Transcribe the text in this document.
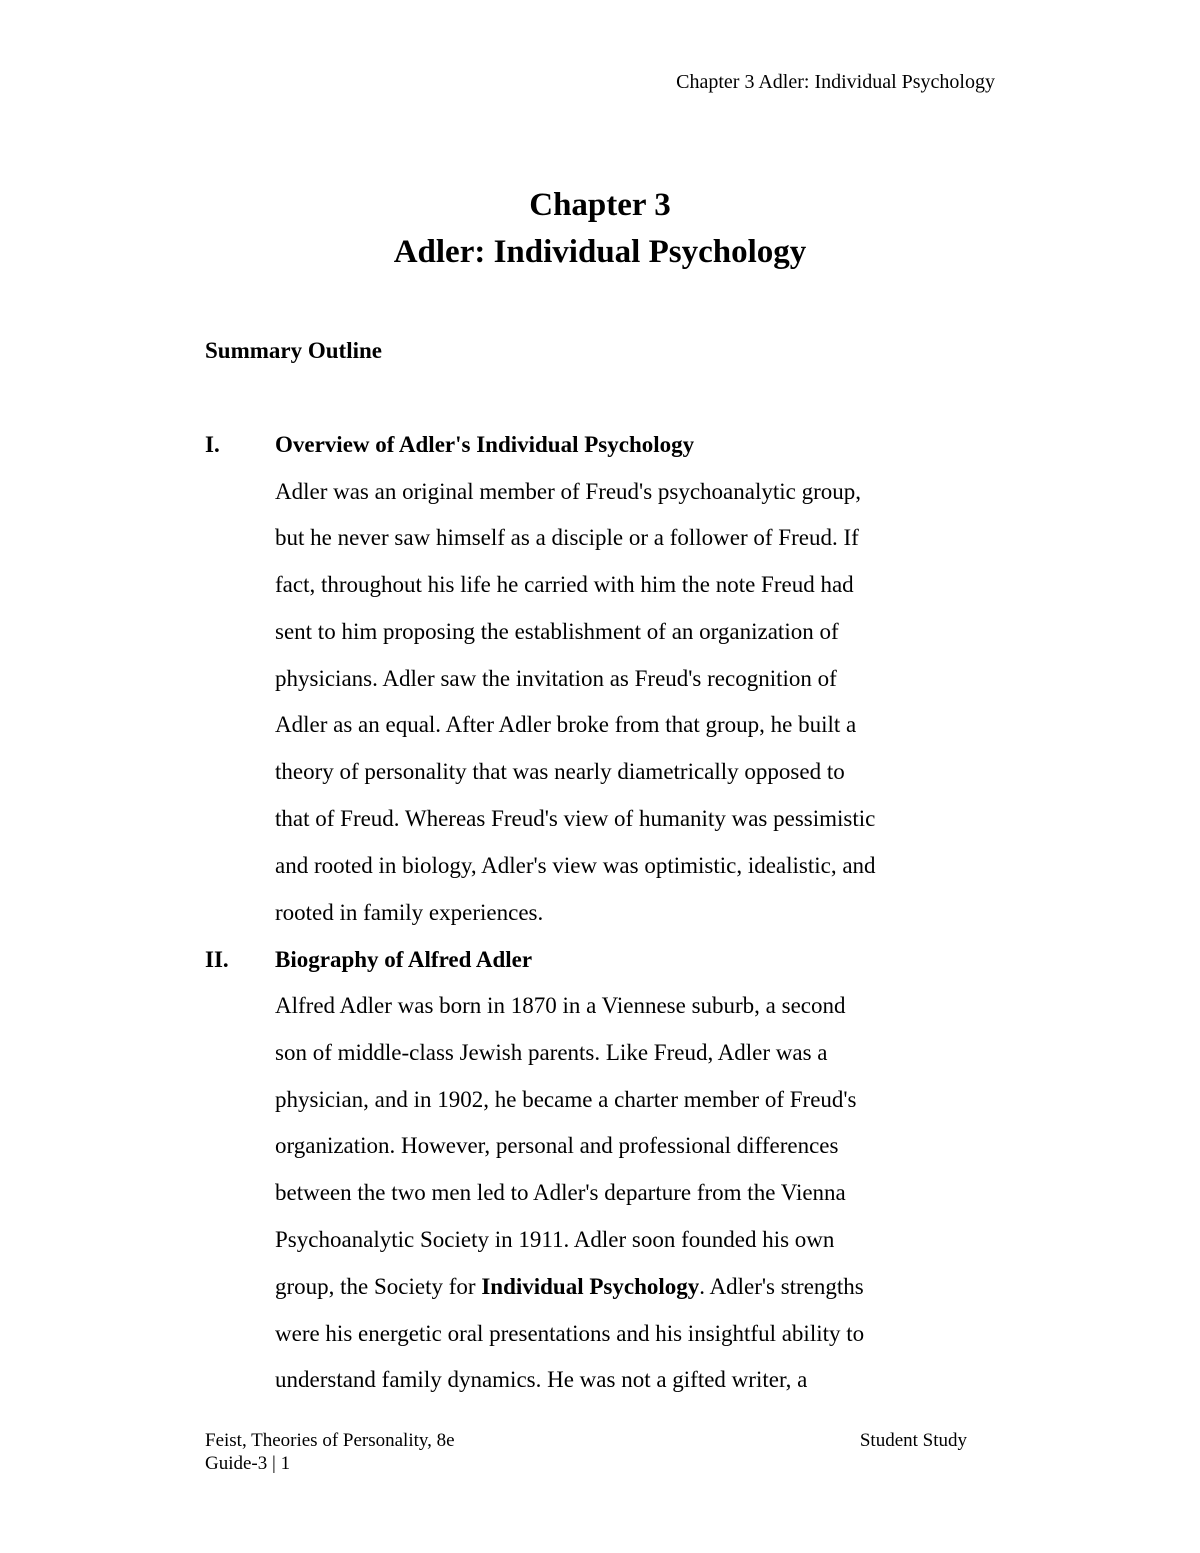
Chapter 3 Adler: Individual Psychology
Chapter 3
Adler: Individual Psychology
Summary Outline
I.	Overview of Adler's Individual Psychology
Adler was an original member of Freud's psychoanalytic group,
but he never saw himself as a disciple or a follower of Freud. If
fact, throughout his life he carried with him the note Freud had
sent to him proposing the establishment of an organization of
physicians. Adler saw the invitation as Freud's recognition of
Adler as an equal. After Adler broke from that group, he built a
theory of personality that was nearly diametrically opposed to
that of Freud. Whereas Freud's view of humanity was pessimistic
and rooted in biology, Adler's view was optimistic, idealistic, and
rooted in family experiences.
II.	Biography of Alfred Adler
Alfred Adler was born in 1870 in a Viennese suburb, a second
son of middle-class Jewish parents. Like Freud, Adler was a
physician, and in 1902, he became a charter member of Freud's
organization. However, personal and professional differences
between the two men led to Adler's departure from the Vienna
Psychoanalytic Society in 1911. Adler soon founded his own
group, the Society for Individual Psychology. Adler's strengths
were his energetic oral presentations and his insightful ability to
understand family dynamics. He was not a gifted writer, a
Feist, Theories of Personality, 8e
Guide-3 | 1
Student Study
